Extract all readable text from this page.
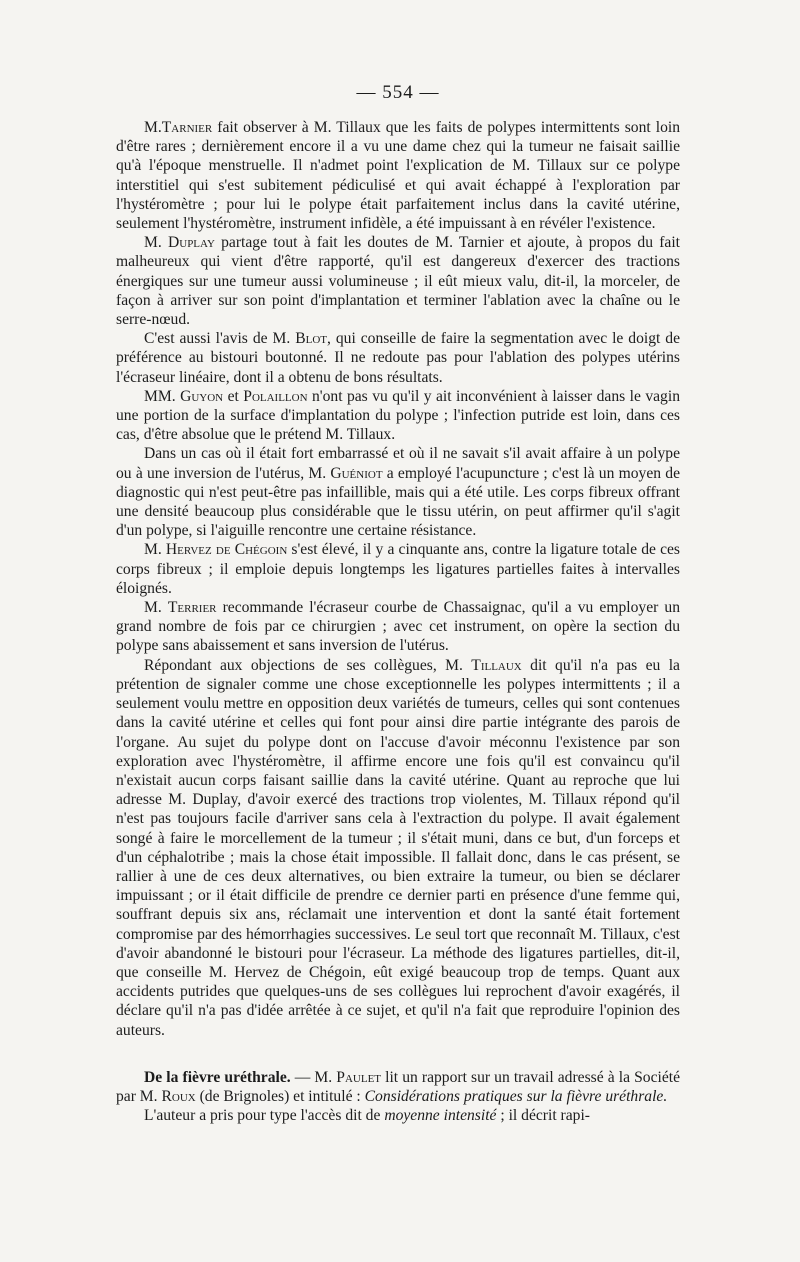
— 554 —

M.Tarnier fait observer à M. Tillaux que les faits de polypes intermittents sont loin d'être rares ; dernièrement encore il a vu une dame chez qui la tumeur ne faisait saillie qu'à l'époque menstruelle. Il n'admet point l'explication de M. Tillaux sur ce polype interstitiel qui s'est subitement pédiculisé et qui avait échappé à l'exploration par l'hystéromètre ; pour lui le polype était parfaitement inclus dans la cavité utérine, seulement l'hystéromètre, instrument infidèle, a été impuissant à en révéler l'existence.

M. Duplay partage tout à fait les doutes de M. Tarnier et ajoute, à propos du fait malheureux qui vient d'être rapporté, qu'il est dangereux d'exercer des tractions énergiques sur une tumeur aussi volumineuse ; il eût mieux valu, dit-il, la morceler, de façon à arriver sur son point d'implantation et terminer l'ablation avec la chaîne ou le serre-nœud.

C'est aussi l'avis de M. Blot, qui conseille de faire la segmentation avec le doigt de préférence au bistouri boutonné. Il ne redoute pas pour l'ablation des polypes utérins l'écraseur linéaire, dont il a obtenu de bons résultats.

MM. Guyon et Polaillon n'ont pas vu qu'il y ait inconvénient à laisser dans le vagin une portion de la surface d'implantation du polype ; l'infection putride est loin, dans ces cas, d'être absolue que le prétend M. Tillaux.

Dans un cas où il était fort embarrassé et où il ne savait s'il avait affaire à un polype ou à une inversion de l'utérus, M. Guéniot a employé l'acupuncture ; c'est là un moyen de diagnostic qui n'est peut-être pas infaillible, mais qui a été utile. Les corps fibreux offrant une densité beaucoup plus considérable que le tissu utérin, on peut affirmer qu'il s'agit d'un polype, si l'aiguille rencontre une certaine résistance.

M. Hervez de Chégoin s'est élevé, il y a cinquante ans, contre la ligature totale de ces corps fibreux ; il emploie depuis longtemps les ligatures partielles faites à intervalles éloignés.

M. Terrier recommande l'écraseur courbe de Chassaignac, qu'il a vu employer un grand nombre de fois par ce chirurgien ; avec cet instrument, on opère la section du polype sans abaissement et sans inversion de l'utérus.

Répondant aux objections de ses collègues, M. Tillaux dit qu'il n'a pas eu la prétention de signaler comme une chose exceptionnelle les polypes intermittents ; il a seulement voulu mettre en opposition deux variétés de tumeurs, celles qui sont contenues dans la cavité utérine et celles qui font pour ainsi dire partie intégrante des parois de l'organe. Au sujet du polype dont on l'accuse d'avoir méconnu l'existence par son exploration avec l'hystéromètre, il affirme encore une fois qu'il est convaincu qu'il n'existait aucun corps faisant saillie dans la cavité utérine. Quant au reproche que lui adresse M. Duplay, d'avoir exercé des tractions trop violentes, M. Tillaux répond qu'il n'est pas toujours facile d'arriver sans cela à l'extraction du polype. Il avait également songé à faire le morcellement de la tumeur ; il s'était muni, dans ce but, d'un forceps et d'un céphalotribe ; mais la chose était impossible. Il fallait donc, dans le cas présent, se rallier à une de ces deux alternatives, ou bien extraire la tumeur, ou bien se déclarer impuissant ; or il était difficile de prendre ce dernier parti en présence d'une femme qui, souffrant depuis six ans, réclamait une intervention et dont la santé était fortement compromise par des hémorrhagies successives. Le seul tort que reconnaît M. Tillaux, c'est d'avoir abandonné le bistouri pour l'écraseur. La méthode des ligatures partielles, dit-il, que conseille M. Hervez de Chégoin, eût exigé beaucoup trop de temps. Quant aux accidents putrides que quelques-uns de ses collègues lui reprochent d'avoir exagérés, il déclare qu'il n'a pas d'idée arrêtée à ce sujet, et qu'il n'a fait que reproduire l'opinion des auteurs.

De la fièvre uréthrale. — M. Paulet lit un rapport sur un travail adressé à la Société par M. Roux (de Brignoles) et intitulé : Considérations pratiques sur la fièvre uréthrale.

L'auteur a pris pour type l'accès dit de moyenne intensité ; il décrit rapi-
